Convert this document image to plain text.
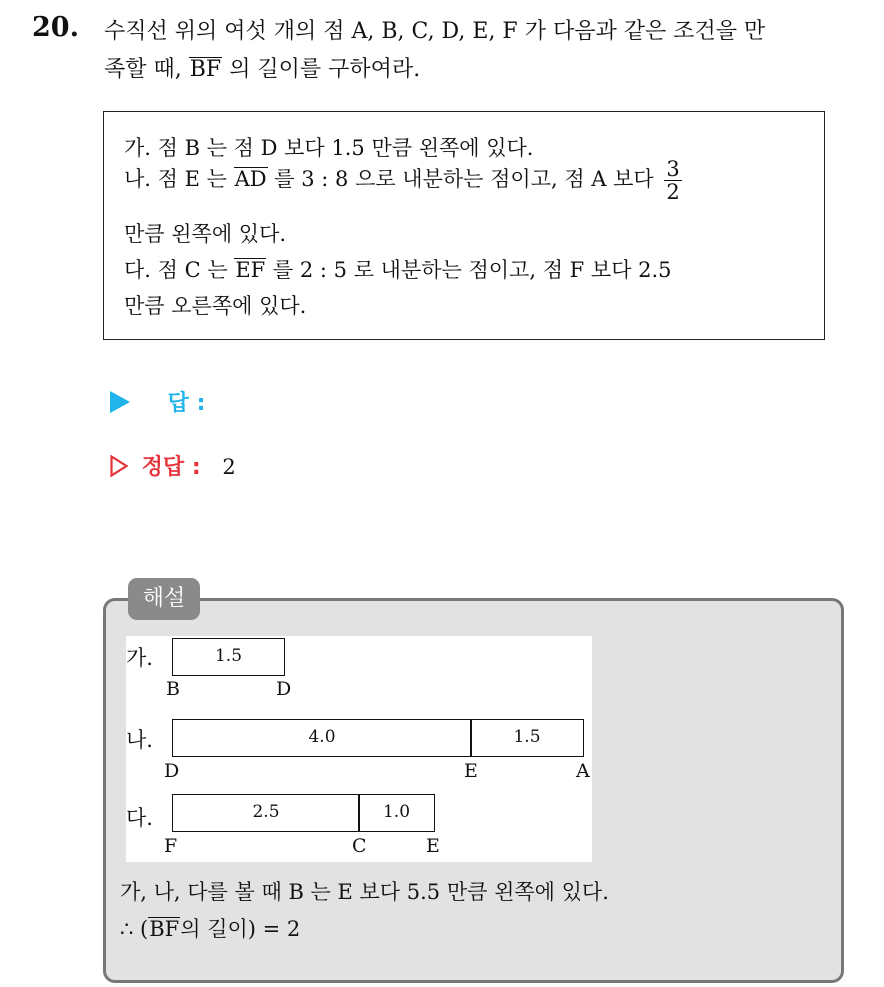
20. 수직선 위의 여섯 개의 점 A, B, C, D, E, F 가 다음과 같은 조건을 만
족할 때, BF 의 길이를 구하여라.
가. 점 B 는 점 D 보다 1.5 만큼 왼쪽에 있다.
나. 점 E 는 AD 를 3 : 8 으로 내분하는 점이고, 점 A 보다 $\frac{3}{2}$
만큼 왼쪽에 있다.
다. 점 C 는 EF 를 2 : 5 로 내분하는 점이고, 점 F 보다 2.5
만큼 오른쪽에 있다.
답 :
정답 : 2
해설
가.	1.5
B	D
나.	4.0	1.5
D	E	A
다.	2.5	1.0
F	C	E
가, 나, 다를 볼 때 B 는 E 보다 5.5 만큼 왼쪽에 있다.
∴ (BF의 길이) = 2
